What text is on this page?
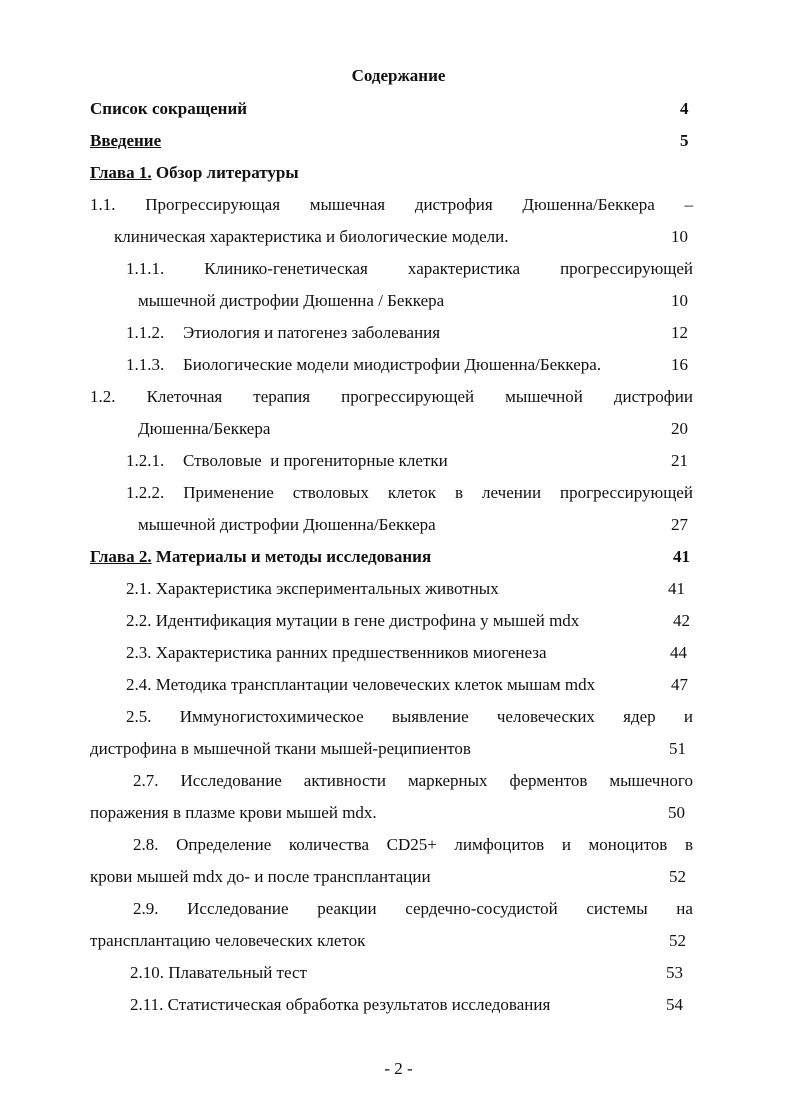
Содержание
Список сокращений	4
Введение	5
Глава 1. Обзор литературы
1.1. Прогрессирующая мышечная дистрофия Дюшенна/Беккера –
клиническая характеристика и биологические модели.	10
1.1.1. Клинико-генетическая характеристика прогрессирующей
мышечной дистрофии Дюшенна / Беккера	10
1.1.2. Этиология и патогенез заболевания	12
1.1.3. Биологические модели миодистрофии Дюшенна/Беккера.	16
1.2. Клеточная терапия прогрессирующей мышечной дистрофии
Дюшенна/Беккера	20
1.2.1. Стволовые  и прогениторные клетки	21
1.2.2. Применение стволовых клеток в лечении прогрессирующей
мышечной дистрофии Дюшенна/Беккера	27
Глава 2. Материалы и методы исследования	41
2.1. Характеристика экспериментальных животных	41
2.2. Идентификация мутации в гене дистрофина у мышей mdx	42
2.3. Характеристика ранних предшественников миогенеза	44
2.4. Методика трансплантации человеческих клеток мышам mdx	47
2.5. Иммуногистохимическое выявление человеческих ядер и
дистрофина в мышечной ткани мышей-реципиентов	51
2.7. Исследование активности маркерных ферментов мышечного
поражения в плазме крови мышей mdx.	50
2.8. Определение количества CD25+ лимфоцитов и моноцитов в
крови мышей mdx до- и после трансплантации	52
2.9. Исследование реакции сердечно-сосудистой системы на
трансплантацию человеческих клеток	52
2.10. Плавательный тест	53
2.11. Статистическая обработка результатов исследования	54
- 2 -
